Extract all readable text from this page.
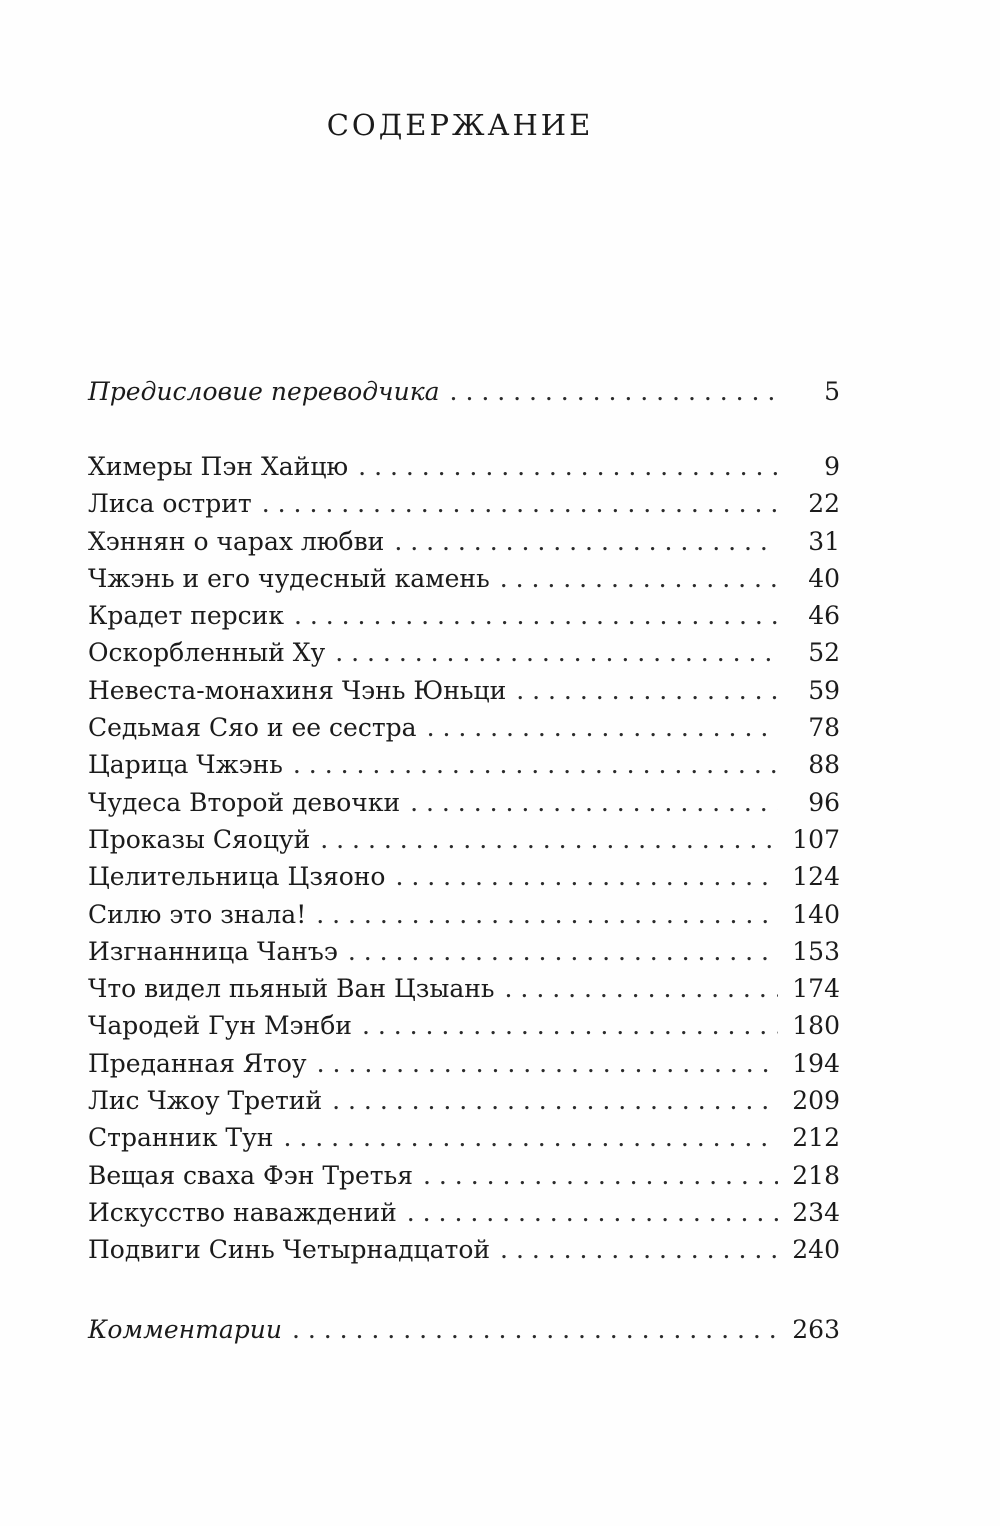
СОДЕРЖАНИЕ
Предисловие переводчика . . .	5
Химеры Пэн Хайцю . . .	9
Лиса острит . . .	22
Хэннян о чарах любви . . .	31
Чжэнь и его чудесный камень . . .	40
Крадет персик . . .	46
Оскорбленный Ху . . .	52
Невеста-монахиня Чэнь Юньци . . .	59
Седьмая Сяо и ее сестра . . .	78
Царица Чжэнь . . .	88
Чудеса Второй девочки . . .	96
Проказы Сяоцуй . . .	107
Целительница Цзяоно . . .	124
Силю это знала! . . .	140
Изгнанница Чанъэ . . .	153
Что видел пьяный Ван Цзыань . . .	174
Чародей Гун Мэнби . . .	180
Преданная Ятоу . . .	194
Лис Чжоу Третий . . .	209
Странник Тун . . .	212
Вещая сваха Фэн Третья . . .	218
Искусство наваждений . . .	234
Подвиги Синь Четырнадцатой . . .	240
Комментарии . . .	263
